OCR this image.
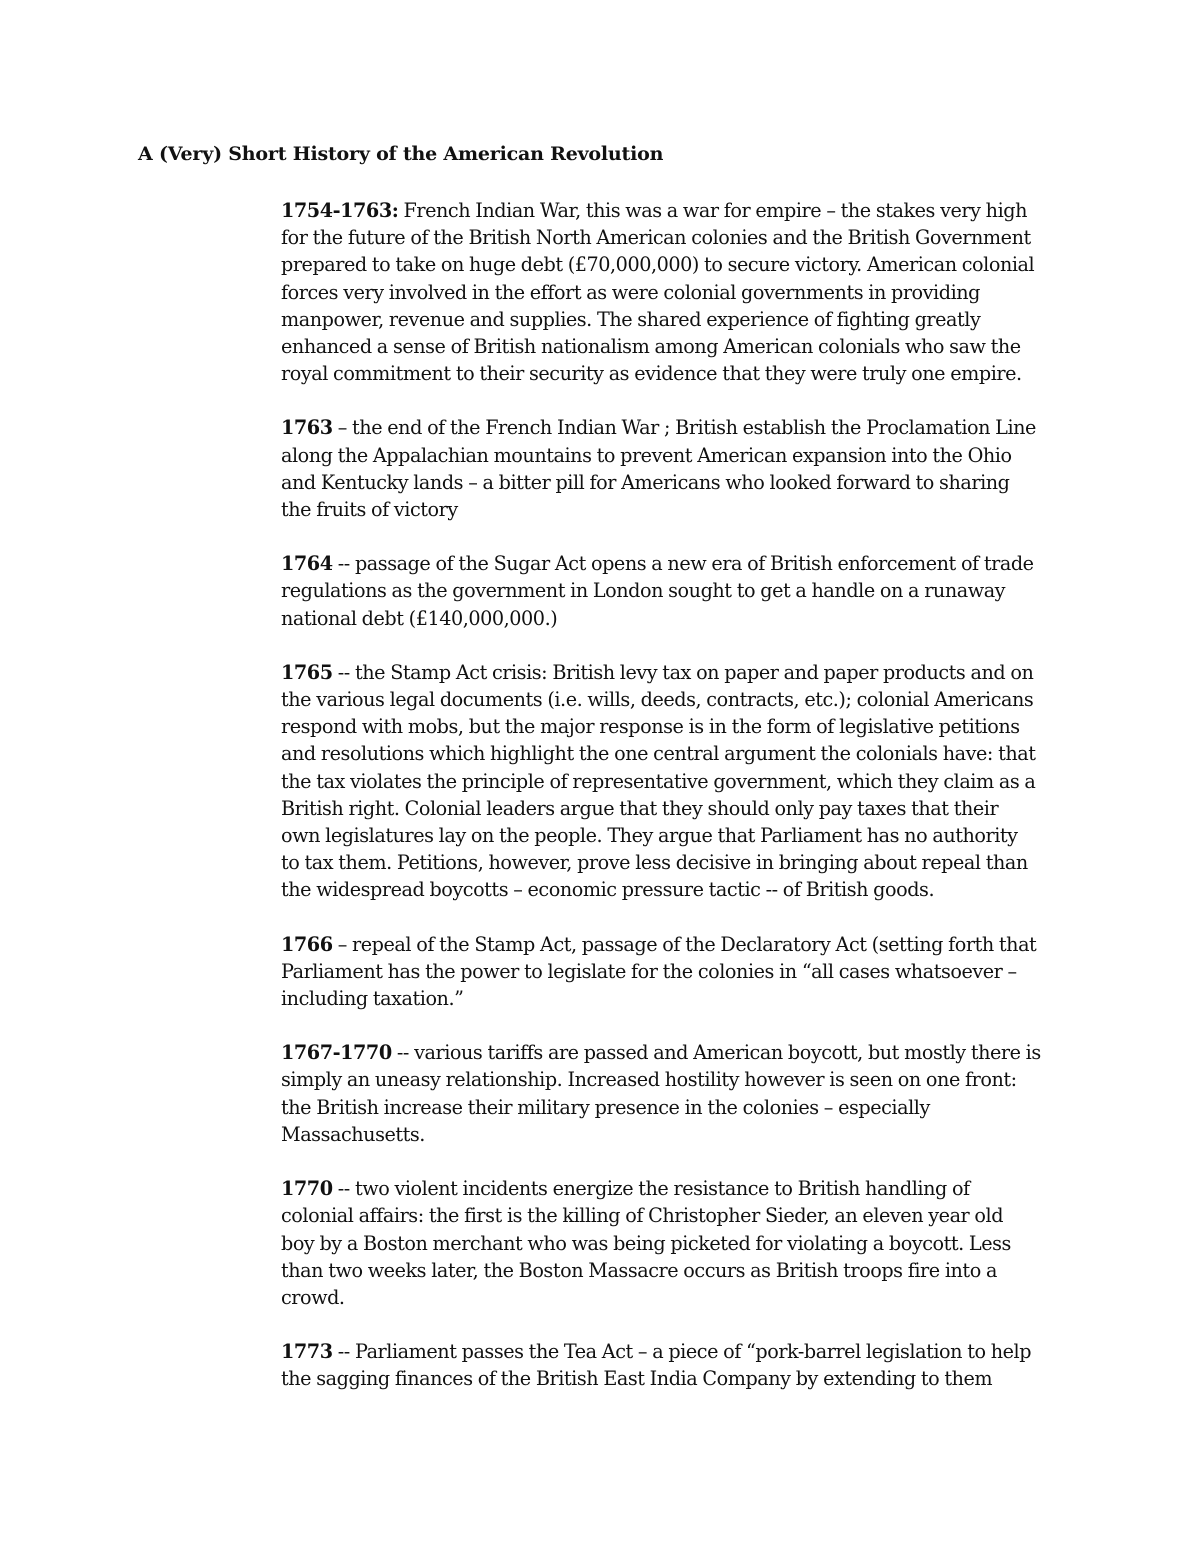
A (Very) Short History of the American Revolution

1754-1763: French Indian War, this was a war for empire – the stakes very high
for the future of the British North American colonies and the British Government
prepared to take on huge debt (£70,000,000) to secure victory. American colonial
forces very involved in the effort as were colonial governments in providing
manpower, revenue and supplies. The shared experience of fighting greatly
enhanced a sense of British nationalism among American colonials who saw the
royal commitment to their security as evidence that they were truly one empire.

1763 – the end of the French Indian War ; British establish the Proclamation Line
along the Appalachian mountains to prevent American expansion into the Ohio
and Kentucky lands – a bitter pill for Americans who looked forward to sharing
the fruits of victory

1764 -- passage of the Sugar Act opens a new era of British enforcement of trade
regulations as the government in London sought to get a handle on a runaway
national debt (£140,000,000.)

1765 -- the Stamp Act crisis: British levy tax on paper and paper products and on
the various legal documents (i.e. wills, deeds, contracts, etc.); colonial Americans
respond with mobs, but the major response is in the form of legislative petitions
and resolutions which highlight the one central argument the colonials have: that
the tax violates the principle of representative government, which they claim as a
British right. Colonial leaders argue that they should only pay taxes that their
own legislatures lay on the people. They argue that Parliament has no authority
to tax them. Petitions, however, prove less decisive in bringing about repeal than
the widespread boycotts – economic pressure tactic -- of British goods.

1766 – repeal of the Stamp Act, passage of the Declaratory Act (setting forth that
Parliament has the power to legislate for the colonies in “all cases whatsoever –
including taxation.”

1767-1770 -- various tariffs are passed and American boycott, but mostly there is
simply an uneasy relationship. Increased hostility however is seen on one front:
the British increase their military presence in the colonies – especially
Massachusetts.

1770 -- two violent incidents energize the resistance to British handling of
colonial affairs: the first is the killing of Christopher Sieder, an eleven year old
boy by a Boston merchant who was being picketed for violating a boycott. Less
than two weeks later, the Boston Massacre occurs as British troops fire into a
crowd.

1773 -- Parliament passes the Tea Act – a piece of “pork-barrel legislation to help
the sagging finances of the British East India Company by extending to them
